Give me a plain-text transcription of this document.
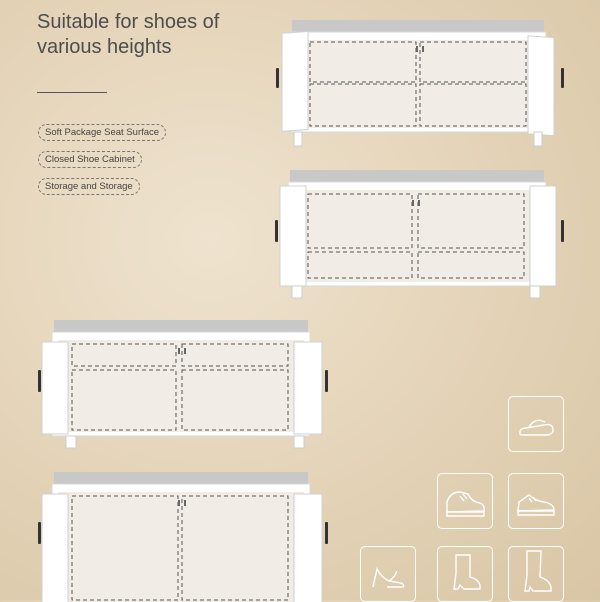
Suitable for shoes of
various heights
Soft Package Seat Surface
Closed Shoe Cabinet
Storage and Storage
